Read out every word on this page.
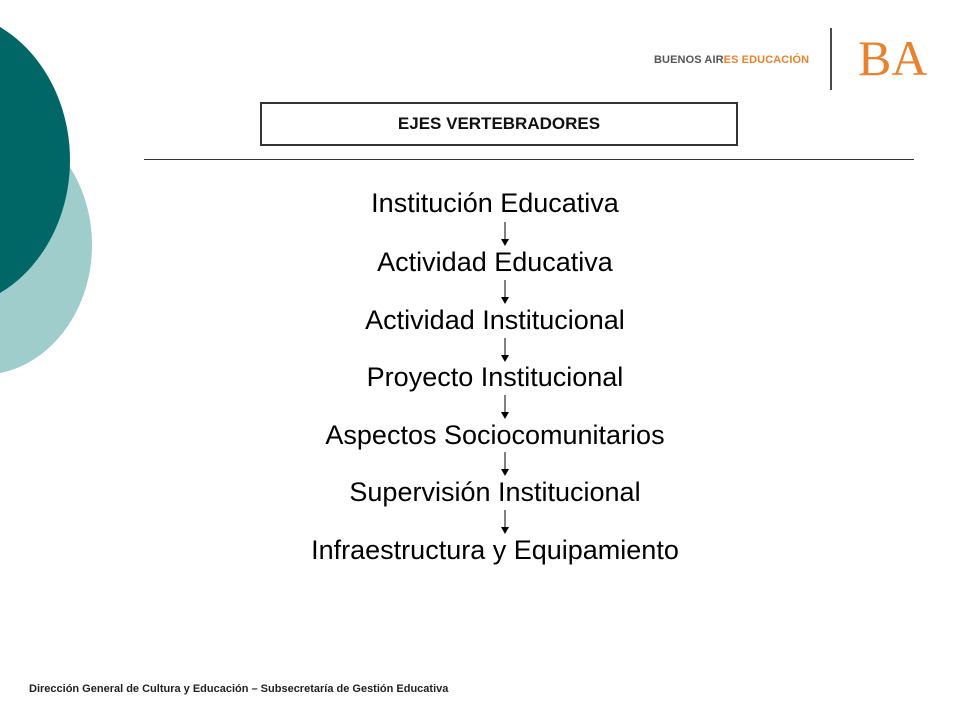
BUENOS AIRES EDUCACIÓN BA
EJES VERTEBRADORES
Institución Educativa
Actividad Educativa
Actividad Institucional
Proyecto Institucional
Aspectos Sociocomunitarios
Supervisión Institucional
Infraestructura y Equipamiento
Dirección General de Cultura y Educación – Subsecretaría de Gestión Educativa
